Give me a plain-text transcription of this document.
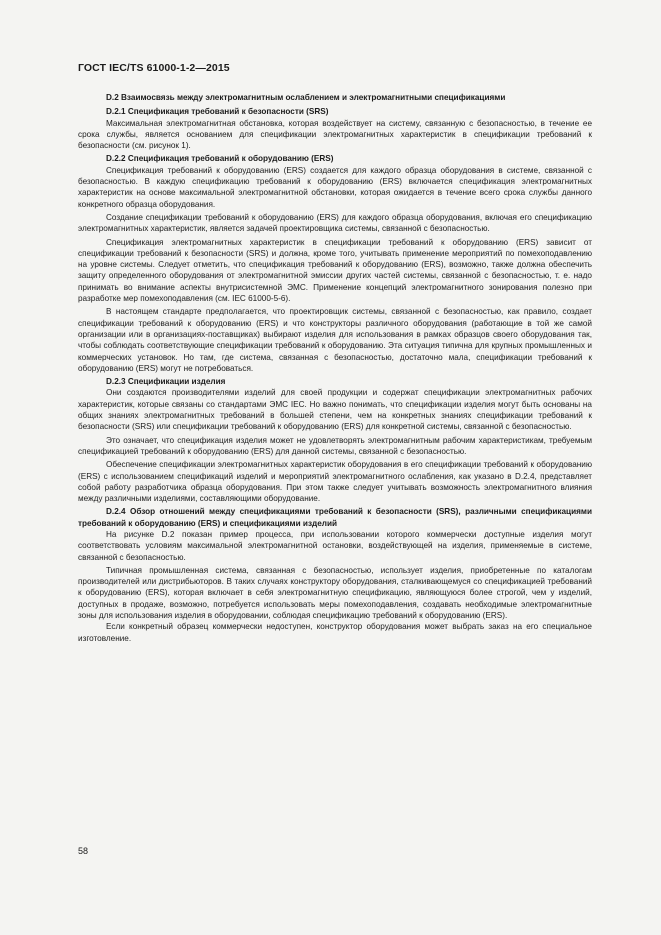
ГОСТ IEC/TS 61000-1-2—2015

D.2 Взаимосвязь между электромагнитным ослаблением и электромагнитными спецификациями

D.2.1 Спецификация требований к безопасности (SRS)

Максимальная электромагнитная обстановка, которая воздействует на систему, связанную с безопасностью, в течение ее срока службы, является основанием для спецификации электромагнитных характеристик в спецификации требований к безопасности (см. рисунок 1).

D.2.2 Спецификация требований к оборудованию (ERS)

Спецификация требований к оборудованию (ERS) создается для каждого образца оборудования в системе, связанной с безопасностью. В каждую спецификацию требований к оборудованию (ERS) включается спецификация электромагнитных характеристик на основе максимальной электромагнитной обстановки, которая ожидается в течение всего срока службы данного конкретного образца оборудования.

Создание спецификации требований к оборудованию (ERS) для каждого образца оборудования, включая его спецификацию электромагнитных характеристик, является задачей проектировщика системы, связанной с безопасностью.

Спецификация электромагнитных характеристик в спецификации требований к оборудованию (ERS) зависит от спецификации требований к безопасности (SRS) и должна, кроме того, учитывать применение мероприятий по помехоподавлению на уровне системы. Следует отметить, что спецификация требований к оборудованию (ERS), возможно, также должна обеспечить защиту определенного оборудования от электромагнитной эмиссии других частей системы, связанной с безопасностью, т. е. надо принимать во внимание аспекты внутрисистемной ЭМС. Применение концепций электромагнитного зонирования полезно при разработке мер помехоподавления (см. IEC 61000-5-6).

В настоящем стандарте предполагается, что проектировщик системы, связанной с безопасностью, как правило, создает спецификации требований к оборудованию (ERS) и что конструкторы различного оборудования (работающие в той же самой организации или в организациях-поставщиках) выбирают изделия для использования в рамках образцов своего оборудования так, чтобы соблюдать соответствующие спецификации требований к оборудованию. Эта ситуация типична для крупных промышленных и коммерческих установок. Но там, где система, связанная с безопасностью, достаточно мала, спецификации требований к оборудованию (ERS) могут не потребоваться.

D.2.3 Спецификации изделия

Они создаются производителями изделий для своей продукции и содержат спецификации электромагнитных рабочих характеристик, которые связаны со стандартами ЭМС IEC. Но важно понимать, что спецификации изделия могут быть основаны на общих знаниях электромагнитных требований в большей степени, чем на конкретных знаниях спецификации требований к безопасности (SRS) или спецификации требований к оборудованию (ERS) для конкретной системы, связанной с безопасностью.

Это означает, что спецификация изделия может не удовлетворять электромагнитным рабочим характеристикам, требуемым спецификацией требований к оборудованию (ERS) для данной системы, связанной с безопасностью.

Обеспечение спецификации электромагнитных характеристик оборудования в его спецификации требований к оборудованию (ERS) с использованием спецификаций изделий и мероприятий электромагнитного ослабления, как указано в D.2.4, представляет собой работу разработчика образца оборудования. При этом также следует учитывать возможность электромагнитного влияния между различными изделиями, составляющими оборудование.

D.2.4 Обзор отношений между спецификациями требований к безопасности (SRS), различными спецификациями требований к оборудованию (ERS) и спецификациями изделий

На рисунке D.2 показан пример процесса, при использовании которого коммерчески доступные изделия могут соответствовать условиям максимальной электромагнитной остановки, воздействующей на изделия, применяемые в системе, связанной с безопасностью.

Типичная промышленная система, связанная с безопасностью, использует изделия, приобретенные по каталогам производителей или дистрибьюторов. В таких случаях конструктору оборудования, сталкивающемуся со спецификацией требований к оборудованию (ERS), которая включает в себя электромагнитную спецификацию, являющуюся более строгой, чем у изделий, доступных в продаже, возможно, потребуется использовать меры помехоподавления, создавать необходимые электромагнитные зоны для использования изделия в оборудовании, соблюдая спецификацию требований к оборудованию (ERS).

Если конкретный образец коммерчески недоступен, конструктор оборудования может выбрать заказ на его специальное изготовление.

58
